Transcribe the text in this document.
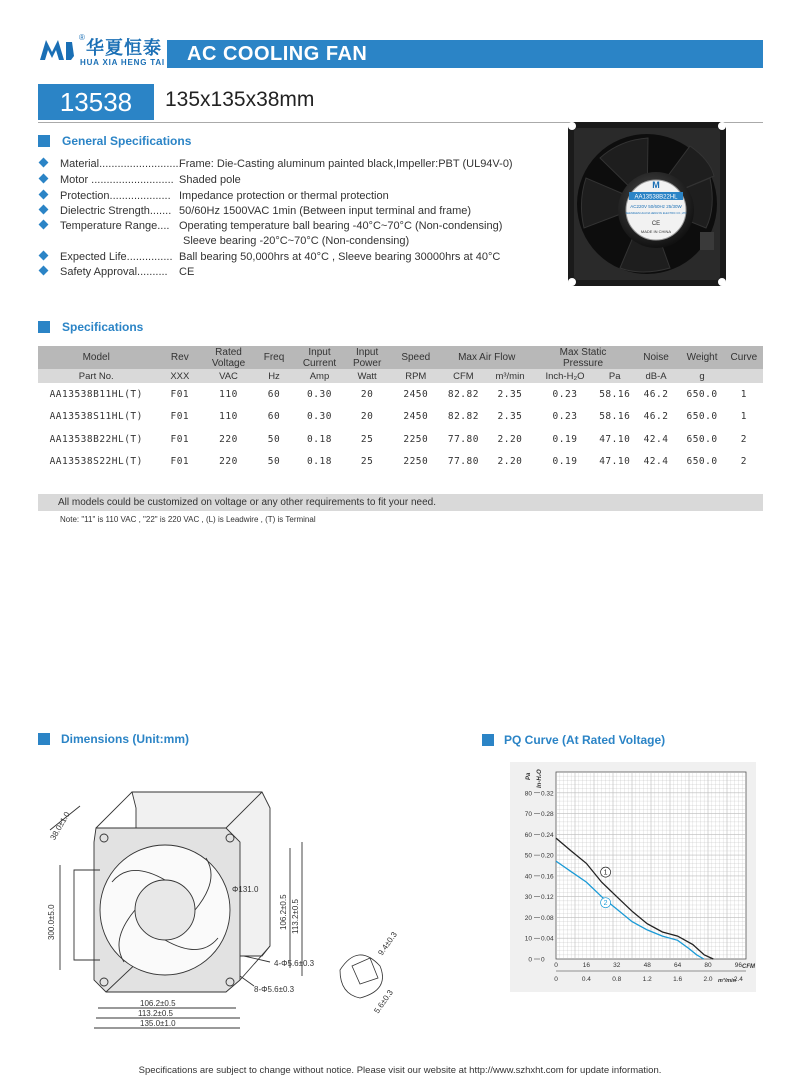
®
华夏恒泰
HUA XIA HENG TAI AC COOLING FAN
13538	135x135x38mm
General Specifications
Material...........................Frame: Die-Casting aluminum painted black,Impeller:PBT (UL94V-0)
Motor ........................... Shaded pole
Protection.................... Impedance protection or thermal protection
Dielectric Strength....... 50/60Hz 1500VAC 1min (Between input terminal and frame)
Temperature Range.... Operating temperature ball bearing -40°C~70°C (Non-condensing)
Sleeve bearing -20°C~70°C (Non-condensing)
Expected Life............... Ball bearing 50,000hrs at 40°C , Sleeve bearing 30000hrs at 40°C
Safety Approval.......... CE
M
AA13538B22HL
AC220V 50/60Hz 25/30W
SHENZHEN HUAXIA HENGTAI ELECTRIC CO.,LTD
CE
MADE IN CHINA
Specifications
Model	Rev	Rated Voltage	Freq	Input Current	Input Power	Speed	Max Air Flow		Max Static Pressure		Noise	Weight	Curve
Part No.	XXX	VAC	Hz	Amp	Watt	RPM	CFM	m³/min	Inch-H₂O	Pa	dB-A	g	
AA13538B11HL(T)	F01	110	60	0.30	20	2450	82.82	2.35	0.23	58.16	46.2	650.0	1
AA13538S11HL(T)	F01	110	60	0.30	20	2450	82.82	2.35	0.23	58.16	46.2	650.0	1
AA13538B22HL(T)	F01	220	50	0.18	25	2250	77.80	2.20	0.19	47.10	42.4	650.0	2
AA13538S22HL(T)	F01	220	50	0.18	25	2250	77.80	2.20	0.19	47.10	42.4	650.0	2
All models could be customized on voltage or any other requirements to fit your need.
Note: "11" is 110 VAC , "22" is 220 VAC , (L) is Leadwire , (T) is Terminal
Dimensions (Unit:mm)
38.0±1.0
300.0±5.0
Φ131.0
106.2±0.5 113.2±0.5
4-Φ5.6±0.3
8-Φ5.6±0.3
106.2±0.5
113.2±0.5
135.0±1.0
9.4±0.3
5.6±0.3
PQ Curve (At Rated Voltage)
1
2
0 0
10 0.04
20 0.08
30 0.12
40 0.16
50 0.20
60 0.24
70 0.28
80 0.32
0	16	32	48	64	80	96
0	0.4	0.8	1.2	1.6	2.0	2.4
CFM
m³/min
Pa In-H₂O
Specifications are subject to change without notice. Please visit our website at http://www.szhxht.com for update information.
